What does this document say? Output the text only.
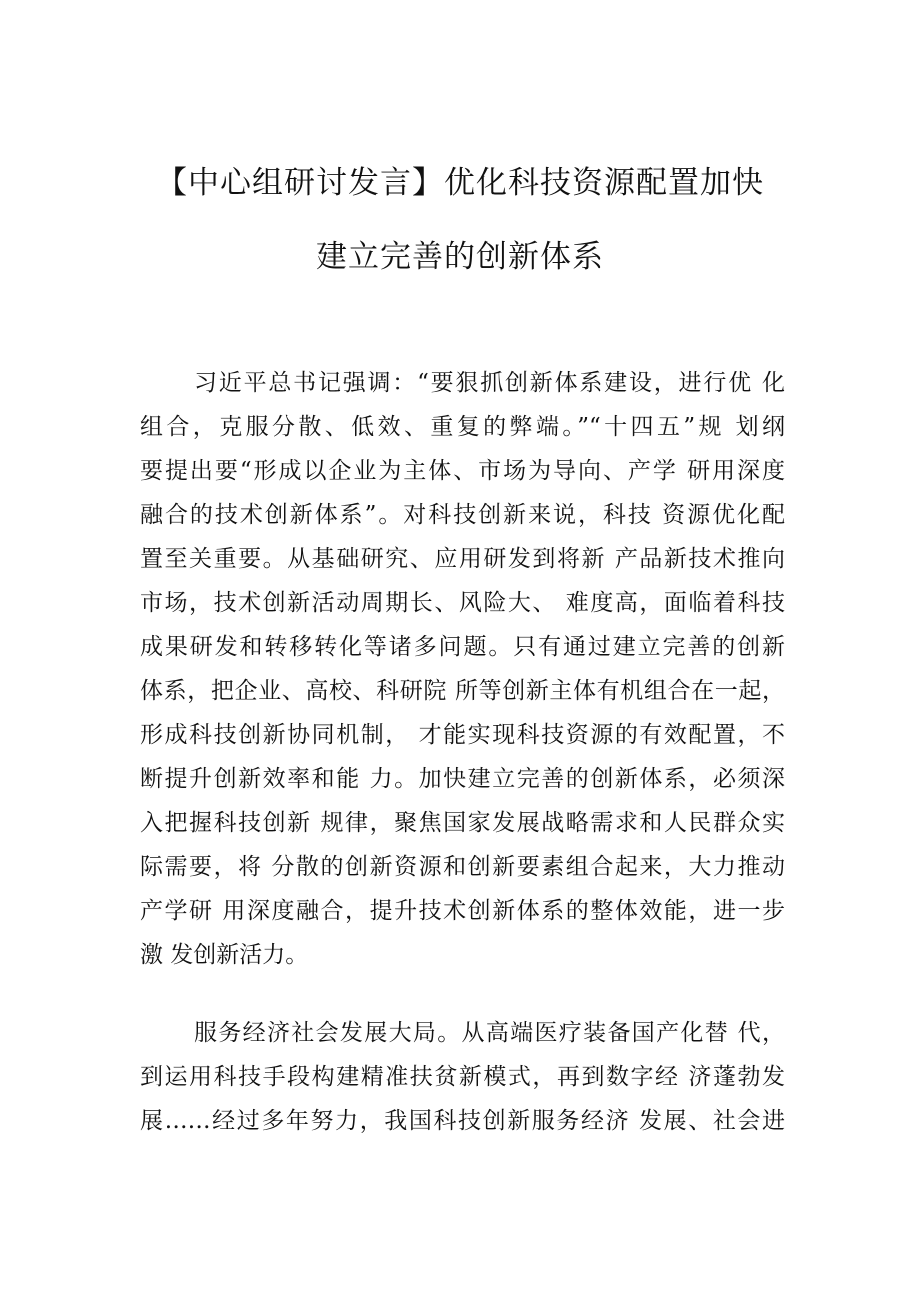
【中心组研讨发言】优化科技资源配置加快
建立完善的创新体系
习近平总书记强调：“要狠抓创新体系建设，进行优 化
组合，克服分散、低效、重复的弊端。”“十四五”规 划纲
要提出要“形成以企业为主体、市场为导向、产学 研用深度
融合的技术创新体系”。对科技创新来说，科技 资源优化配
置至关重要。从基础研究、应用研发到将新 产品新技术推向
市场，技术创新活动周期长、风险大、 难度高，面临着科技
成果研发和转移转化等诸多问题。只有通过建立完善的创新
体系，把企业、高校、科研院 所等创新主体有机组合在一起，
形成科技创新协同机制， 才能实现科技资源的有效配置，不
断提升创新效率和能 力。加快建立完善的创新体系，必须深
入把握科技创新 规律，聚焦国家发展战略需求和人民群众实
际需要，将 分散的创新资源和创新要素组合起来，大力推动
产学研 用深度融合，提升技术创新体系的整体效能，进一步
激 发创新活力。
服务经济社会发展大局。从高端医疗装备国产化替 代，
到运用科技手段构建精准扶贫新模式，再到数字经 济蓬勃发
展……经过多年努力，我国科技创新服务经济 发展、社会进
